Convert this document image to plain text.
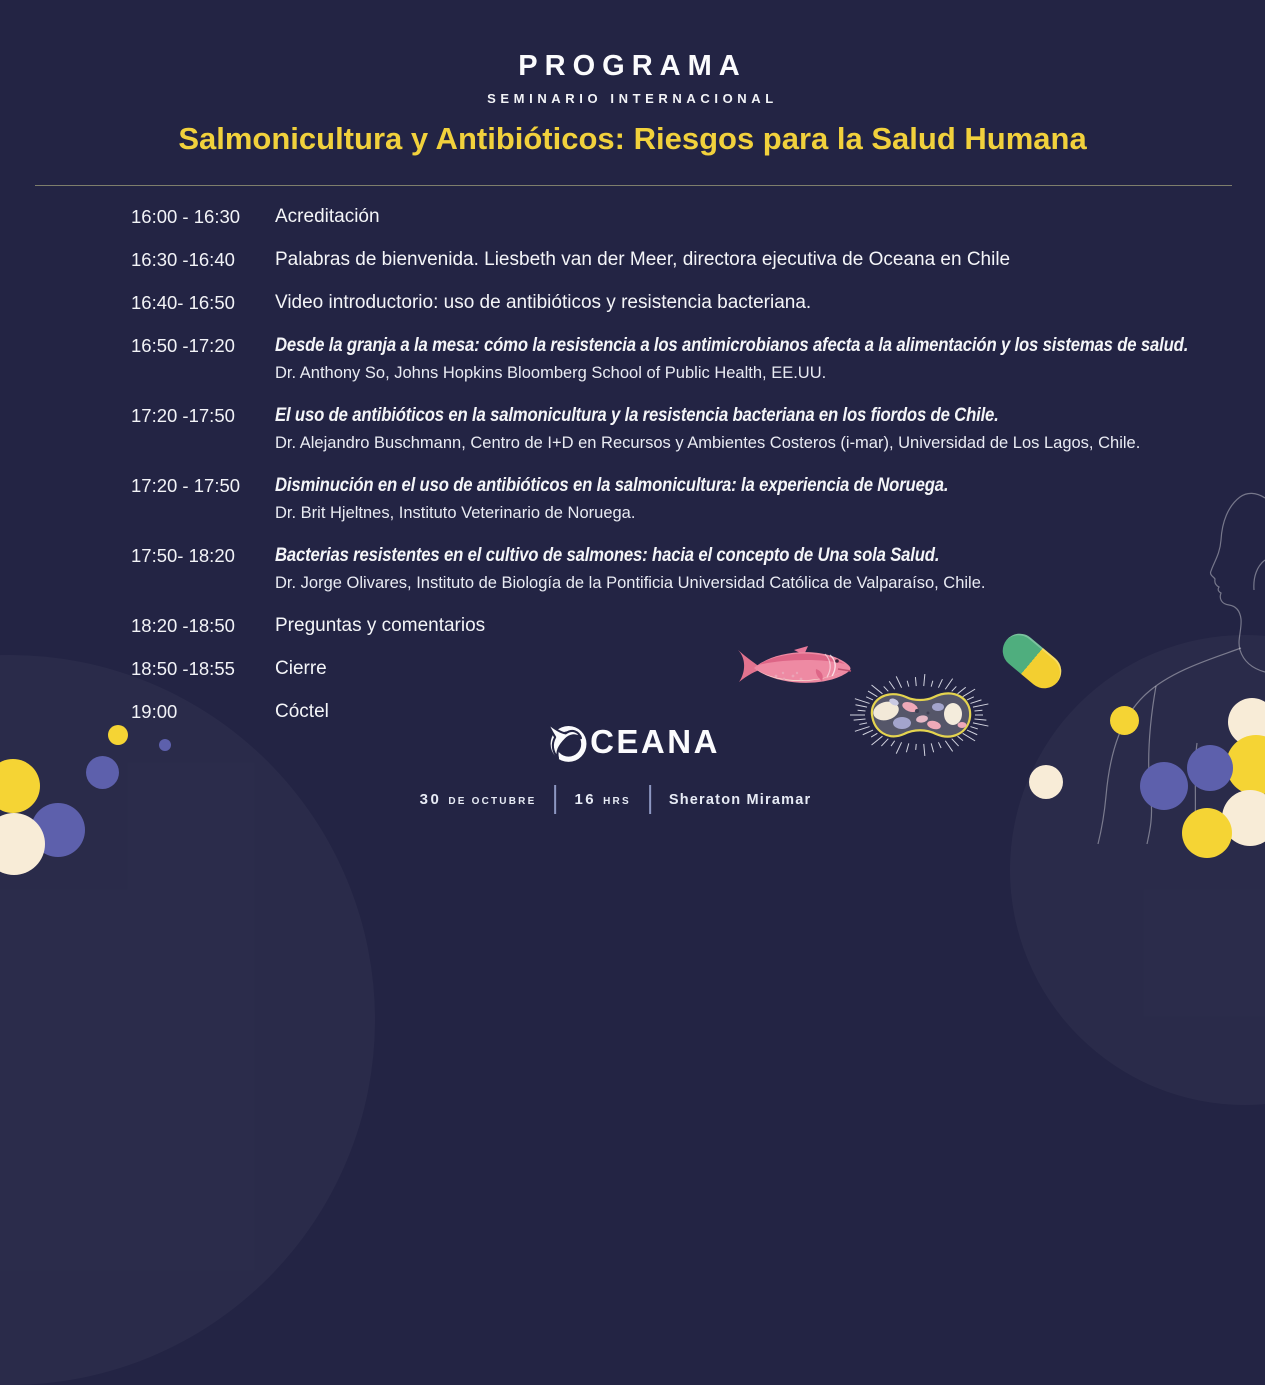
PROGRAMA
SEMINARIO INTERNACIONAL
Salmonicultura y Antibióticos: Riesgos para la Salud Humana
16:00 - 16:30	Acreditación
16:30 -16:40	Palabras de bienvenida. Liesbeth van der Meer, directora ejecutiva de Oceana en Chile
16:40- 16:50	Video introductorio: uso de antibióticos y resistencia bacteriana.
16:50 -17:20	Desde la granja a la mesa: cómo la resistencia a los antimicrobianos afecta a la alimentación y los sistemas de salud.
Dr. Anthony So, Johns Hopkins Bloomberg School of Public Health, EE.UU.
17:20 -17:50	El uso de antibióticos en la salmonicultura y la resistencia bacteriana en los fiordos de Chile.
Dr. Alejandro Buschmann, Centro de I+D en Recursos y Ambientes Costeros (i-mar), Universidad de Los Lagos, Chile.
17:20 - 17:50	Disminución en el uso de antibióticos en la salmonicultura: la experiencia de Noruega.
Dr. Brit Hjeltnes, Instituto Veterinario de Noruega.
17:50- 18:20	Bacterias resistentes en el cultivo de salmones: hacia el concepto de Una sola Salud.
Dr. Jorge Olivares, Instituto de Biología de la Pontificia Universidad Católica de Valparaíso, Chile.
18:20 -18:50	Preguntas y comentarios
18:50 -18:55	Cierre
19:00	Cóctel
CEANA
30 DE OCTUBRE	16 HRS	Sheraton Miramar
